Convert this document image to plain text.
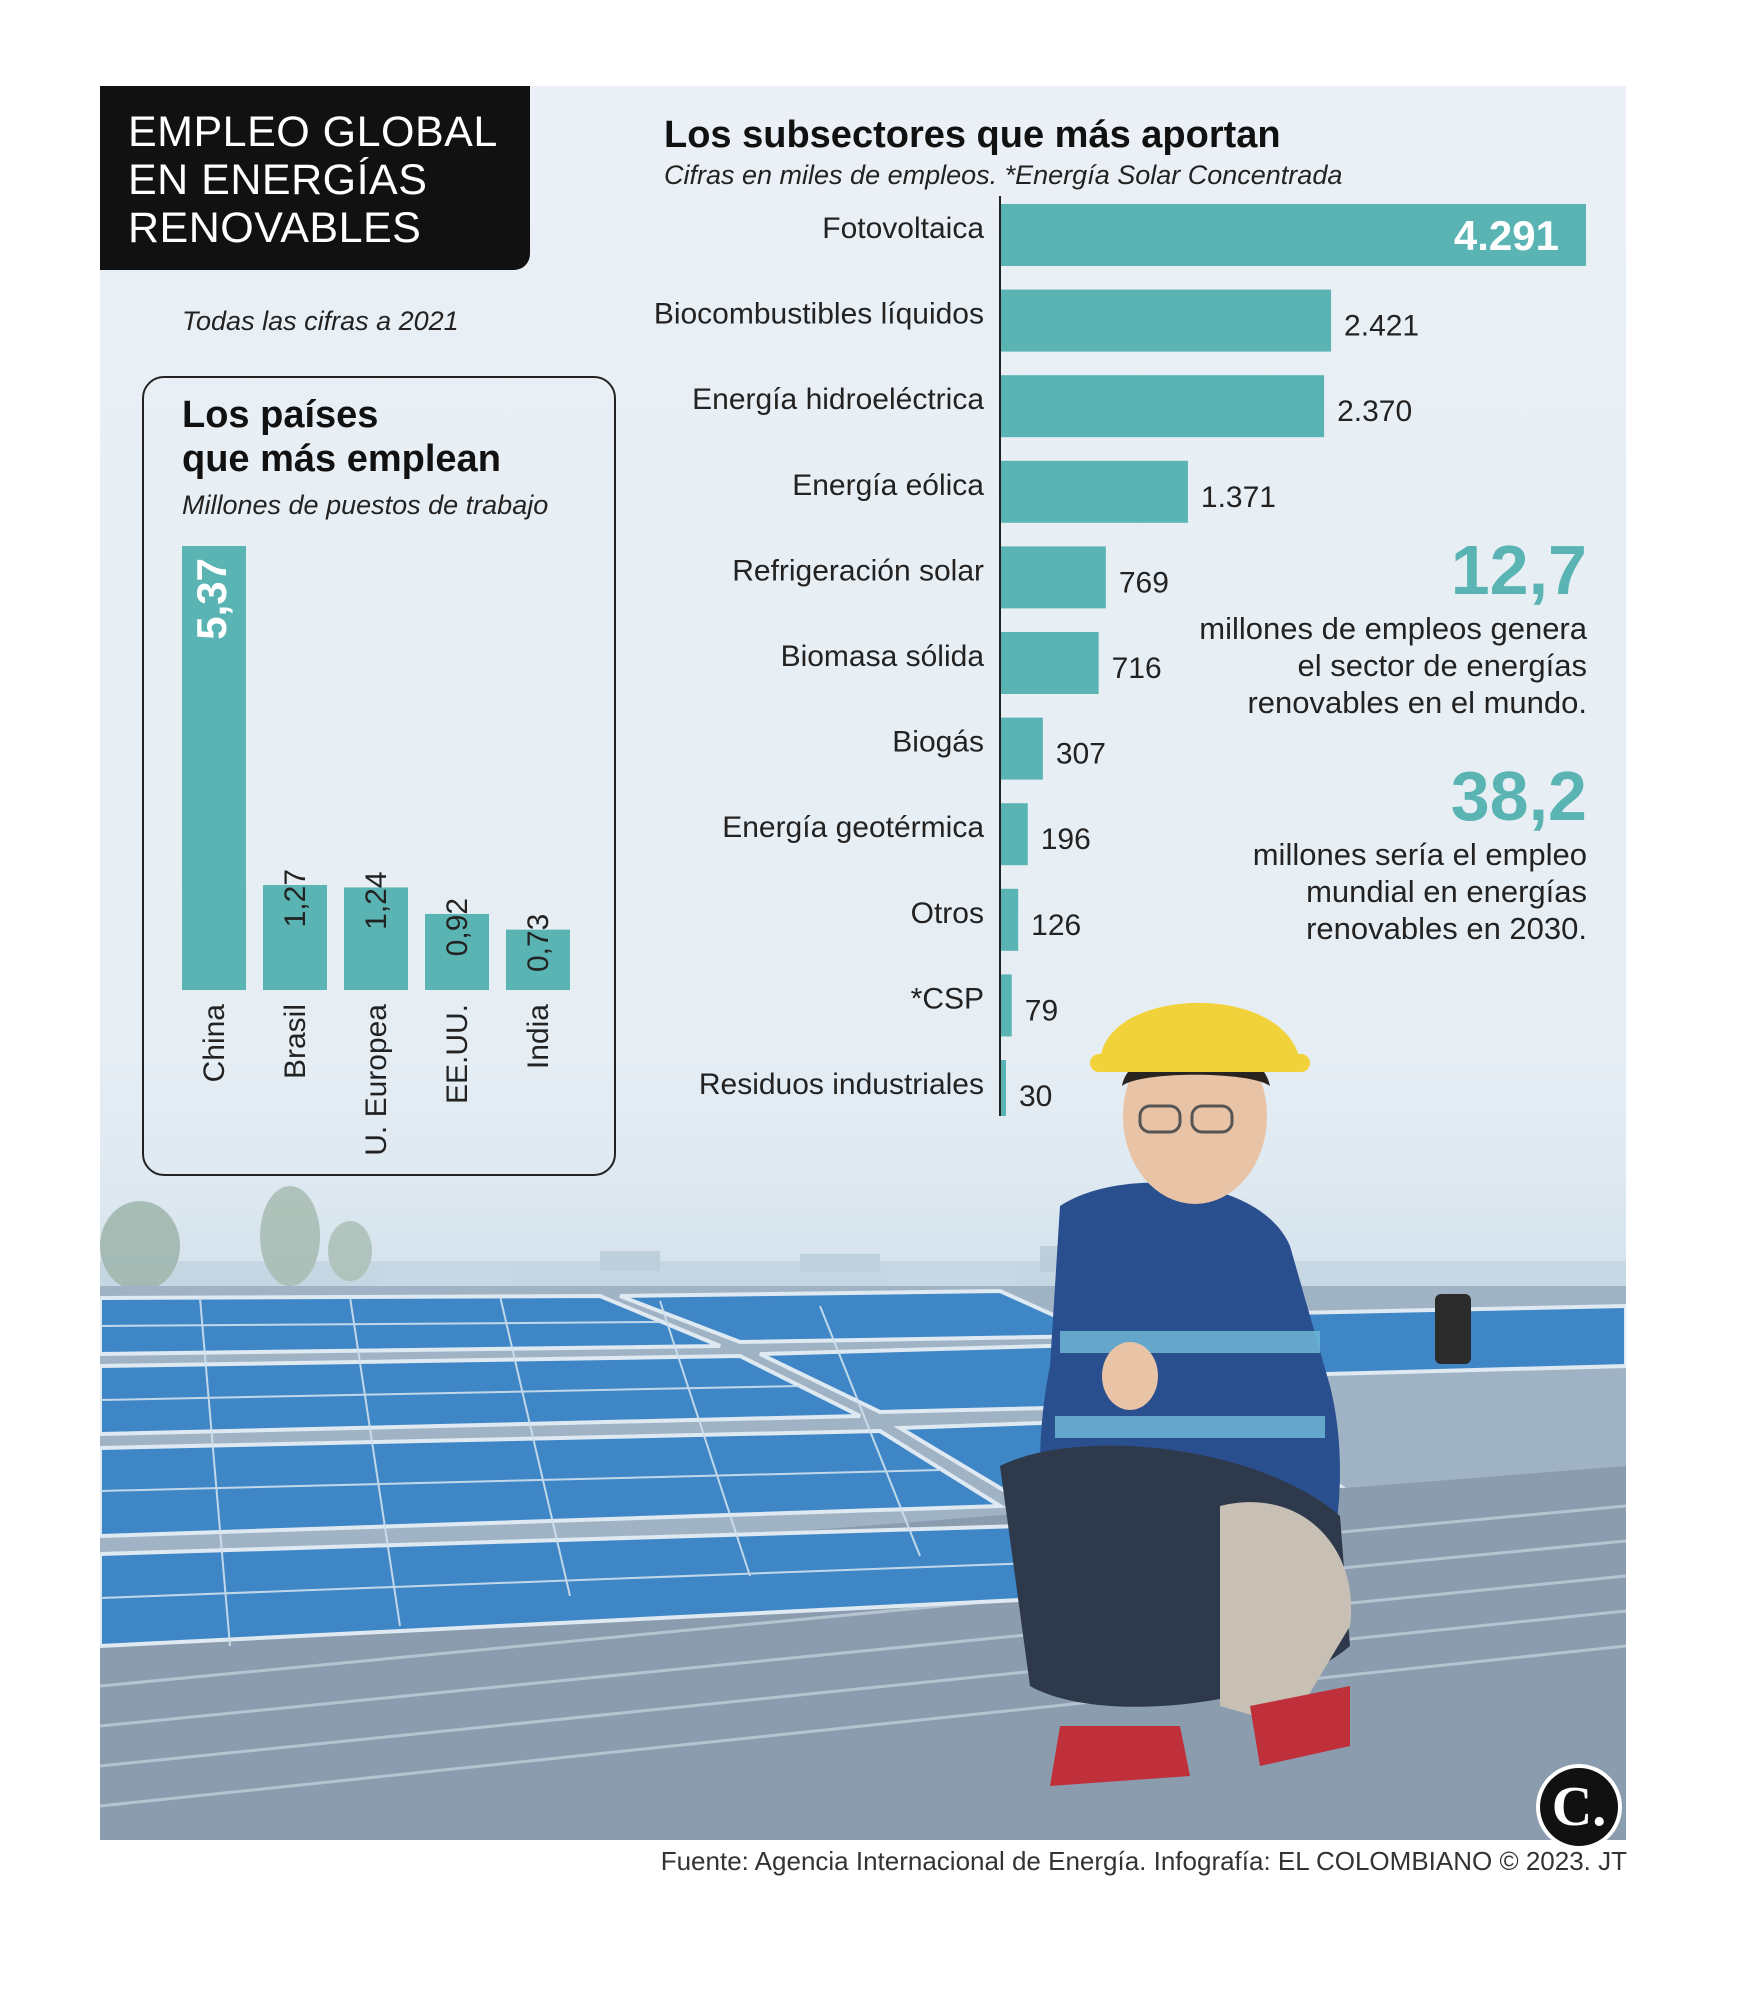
EMPLEO GLOBAL
EN ENERGÍAS
RENOVABLES
Todas las cifras a 2021
Los países
que más emplean
Millones de puestos de trabajo
5,37
China
1,27
Brasil
1,24
U. Europea
0,92
EE.UU.
0,73
India
Los subsectores que más aportan
Cifras en miles de empleos. *Energía Solar Concentrada
Fotovoltaica	4.291
Biocombustibles líquidos	2.421
Energía hidroeléctrica	2.370
Energía eólica	1.371
Refrigeración solar	769
Biomasa sólida	716
Biogás 307
Energía geotérmica 196
Otros 126
*CSP 79
Residuos industriales 30
12,7
millones de empleos genera el sector de energías renovables en el mundo.
38,2
millones sería el empleo mundial en energías renovables en 2030.
C.
Fuente: Agencia Internacional de Energía. Infografía: EL COLOMBIANO © 2023. JT
